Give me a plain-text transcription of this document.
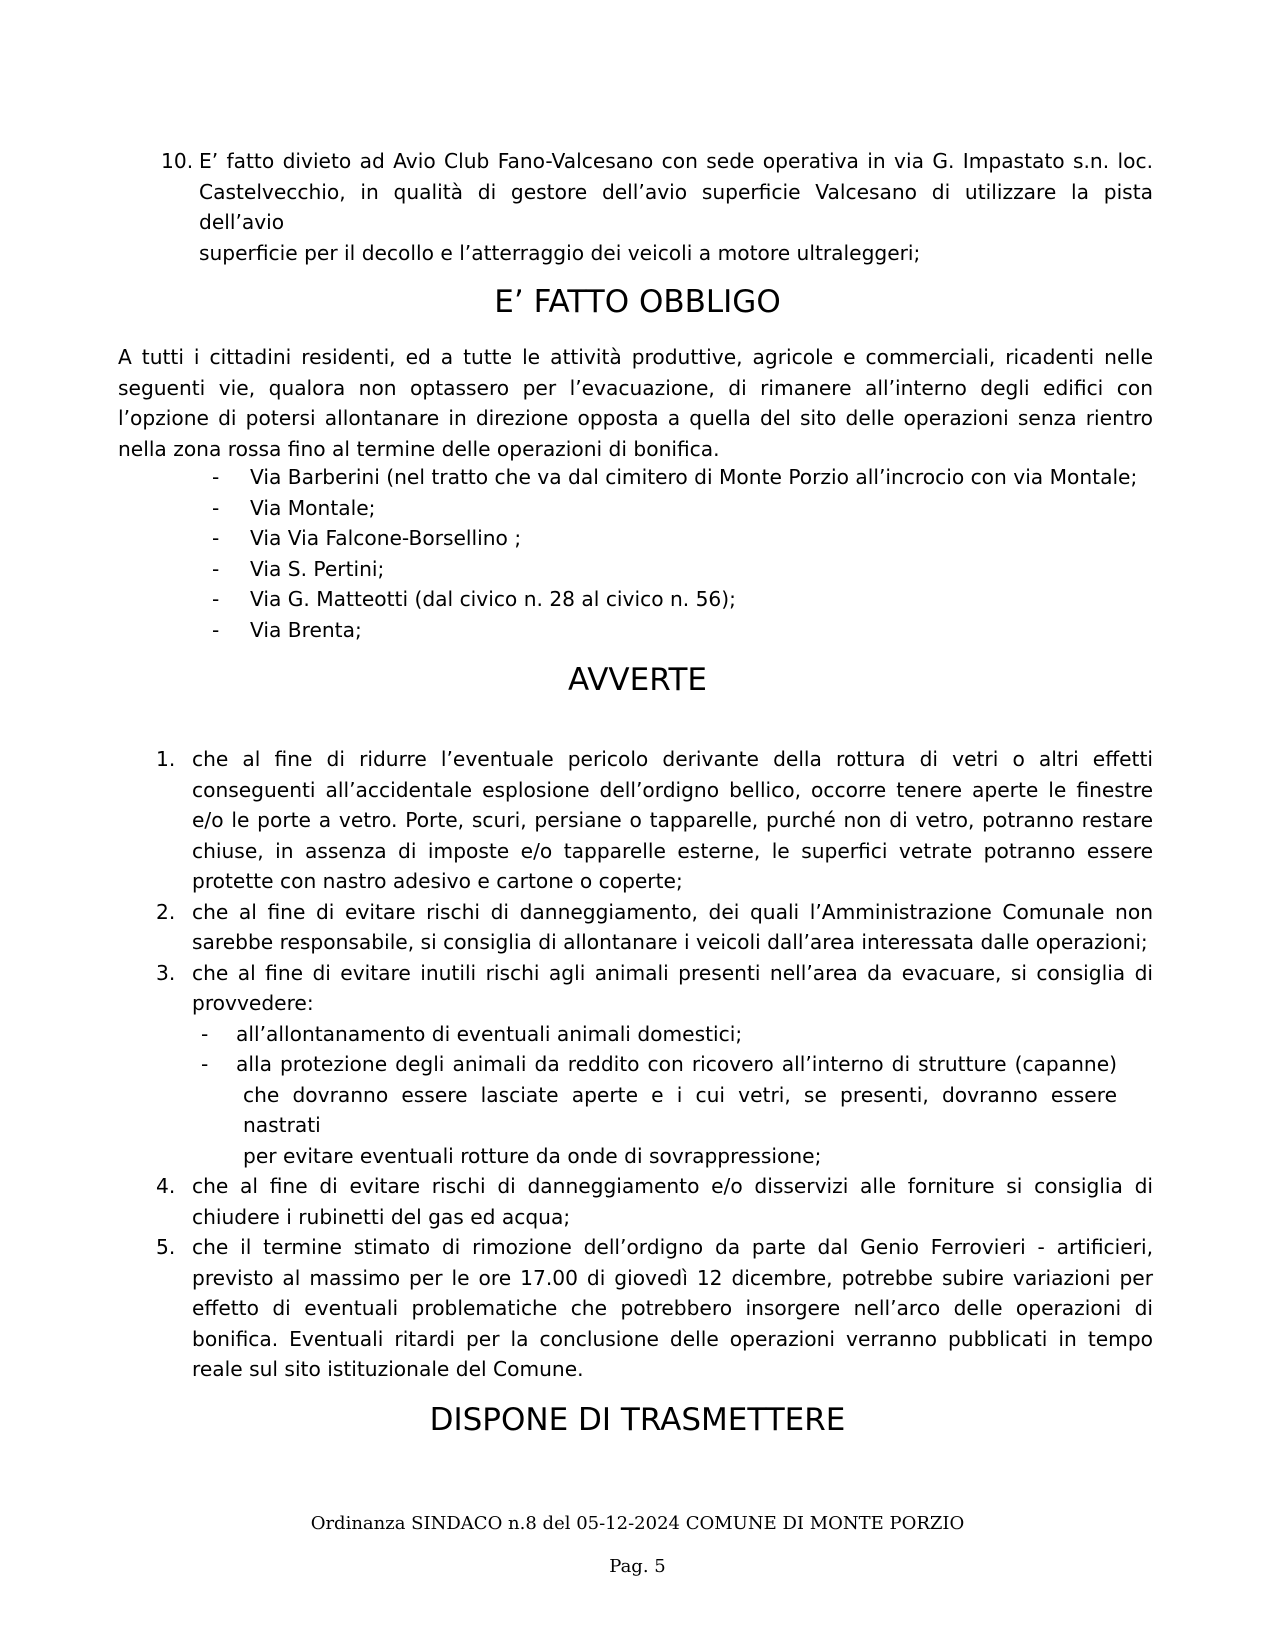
10. E’ fatto divieto ad Avio Club Fano-Valcesano con sede operativa in via G. Impastato s.n. loc.
Castelvecchio, in qualità di gestore dell’avio superficie Valcesano di utilizzare la pista dell’avio
superficie per il decollo e l’atterraggio dei veicoli a motore ultraleggeri;
E’ FATTO OBBLIGO
A tutti i cittadini residenti, ed a tutte le attività produttive, agricole e commerciali, ricadenti nelle
seguenti vie, qualora non optassero per l’evacuazione, di rimanere all’interno degli edifici con
l’opzione di potersi allontanare in direzione opposta a quella del sito delle operazioni senza rientro
nella zona rossa fino al termine delle operazioni di bonifica.
- Via Barberini (nel tratto che va dal cimitero di Monte Porzio all’incrocio con via Montale;
- Via Montale;
- Via Via Falcone-Borsellino ;
- Via S. Pertini;
- Via G. Matteotti (dal civico n. 28 al civico n. 56);
- Via Brenta;
AVVERTE
1. che al fine di ridurre l’eventuale pericolo derivante della rottura di vetri o altri effetti
conseguenti all’accidentale esplosione dell’ordigno bellico, occorre tenere aperte le finestre
e/o le porte a vetro. Porte, scuri, persiane o tapparelle, purché non di vetro, potranno restare
chiuse, in assenza di imposte e/o tapparelle esterne, le superfici vetrate potranno essere
protette con nastro adesivo e cartone o coperte;
2. che al fine di evitare rischi di danneggiamento, dei quali l’Amministrazione Comunale non
sarebbe responsabile, si consiglia di allontanare i veicoli dall’area interessata dalle operazioni;
3. che al fine di evitare inutili rischi agli animali presenti nell’area da evacuare, si consiglia di
provvedere:
- all’allontanamento di eventuali animali domestici;
- alla protezione degli animali da reddito con ricovero all’interno di strutture (capanne)
che dovranno essere lasciate aperte e i cui vetri, se presenti, dovranno essere nastrati
per evitare eventuali rotture da onde di sovrappressione;
4. che al fine di evitare rischi di danneggiamento e/o disservizi alle forniture si consiglia di
chiudere i rubinetti del gas ed acqua;
5. che il termine stimato di rimozione dell’ordigno da parte dal Genio Ferrovieri - artificieri,
previsto al massimo per le ore 17.00 di giovedì 12 dicembre, potrebbe subire variazioni per
effetto di eventuali problematiche che potrebbero insorgere nell’arco delle operazioni di
bonifica. Eventuali ritardi per la conclusione delle operazioni verranno pubblicati in tempo
reale sul sito istituzionale del Comune.
DISPONE DI TRASMETTERE
Ordinanza SINDACO n.8 del 05-12-2024 COMUNE DI MONTE PORZIO
Pag. 5
